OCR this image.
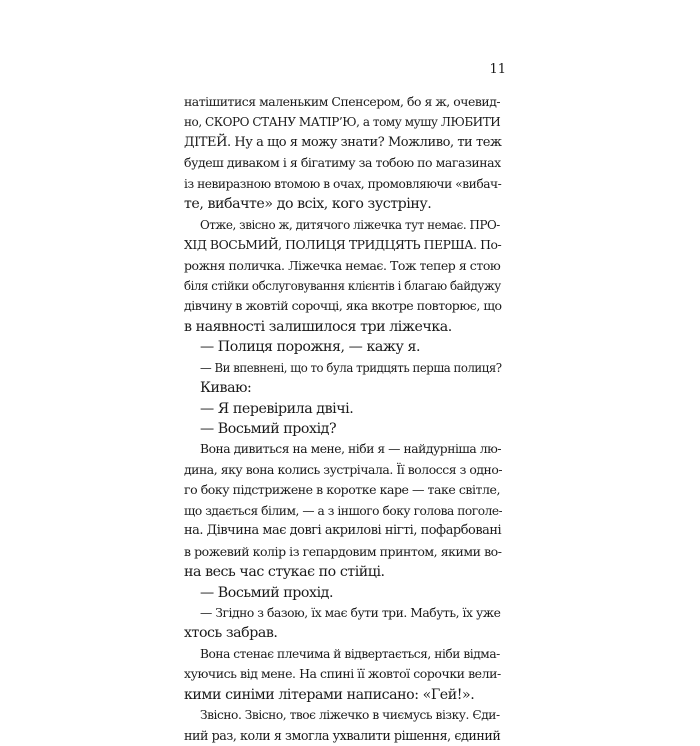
11
натішитися маленьким Спенсером, бо я ж, очевид-
но, СКОРО СТАНУ МАТІР’Ю, а тому мушу ЛЮБИТИ
ДІТЕЙ. Ну а що я можу знати? Можливо, ти теж
будеш диваком і я бігатиму за тобою по магазинах
із невиразною втомою в очах, промовляючи «вибач-
те, вибачте» до всіх, кого зустріну.
Отже, звісно ж, дитячого ліжечка тут немає. ПРО-
ХІД ВОСЬМИЙ, ПОЛИЦЯ ТРИДЦЯТЬ ПЕРША. По-
рожня поличка. Ліжечка немає. Тож тепер я стою
біля стійки обслуговування клієнтів і благаю байдужу
дівчину в жовтій сорочці, яка вкотре повторює, що
в наявності залишилося три ліжечка.
— Полиця порожня, — кажу я.
— Ви впевнені, що то була тридцять перша полиця?
Киваю:
— Я перевірила двічі.
— Восьмий прохід?
Вона дивиться на мене, ніби я — найдурніша лю-
дина, яку вона колись зустрічала. Її волосся з одно-
го боку підстрижене в коротке каре — таке світле,
що здається білим, — а з іншого боку голова поголе-
на. Дівчина має довгі акрилові нігті, пофарбовані
в рожевий колір із гепардовим принтом, якими во-
на весь час стукає по стійці.
— Восьмий прохід.
— Згідно з базою, їх має бути три. Мабуть, їх уже
хтось забрав.
Вона стенає плечима й відвертається, ніби відма-
хуючись від мене. На спині її жовтої сорочки вели-
кими синіми літерами написано: «Гей!».
Звісно. Звісно, твоє ліжечко в чиємусь візку. Єди-
ний раз, коли я змогла ухвалити рішення, єдиний
